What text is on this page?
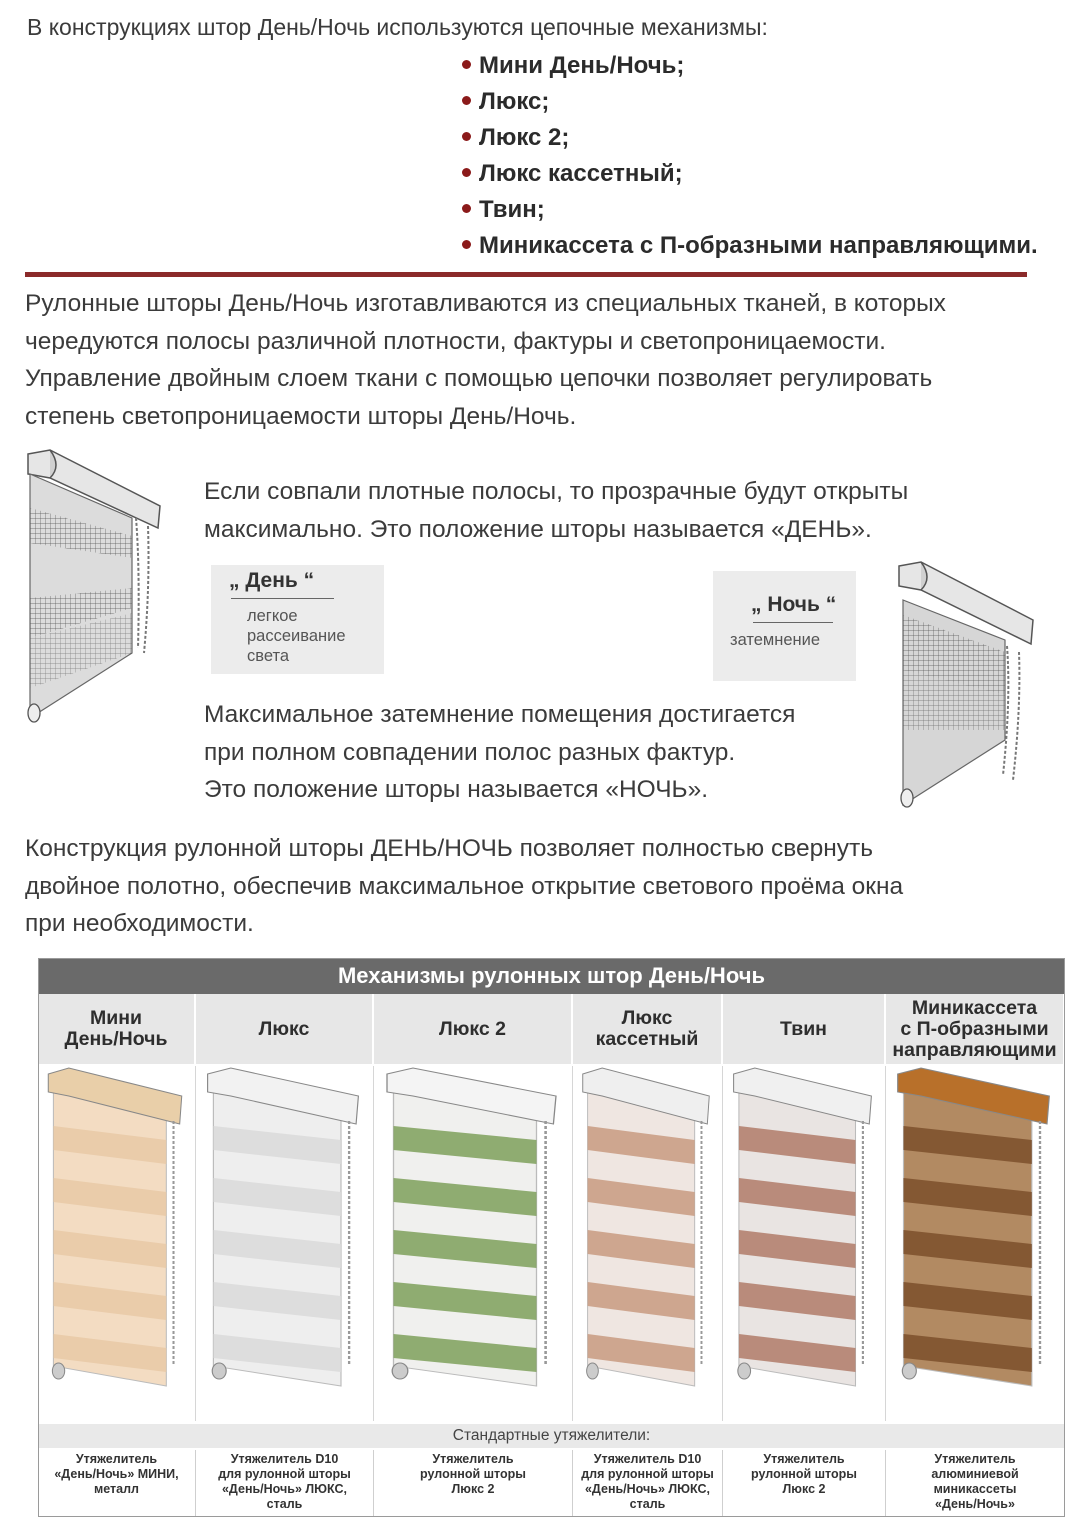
В конструкциях штор День/Ночь используются цепочные механизмы:
Мини День/Ночь;
Люкс;
Люкс 2;
Люкс кассетный;
Твин;
Миникассета с П-образными направляющими.
Рулонные шторы День/Ночь изготавливаются из специальных тканей, в которых
чередуются полосы различной плотности, фактуры и светопроницаемости.
Управление двойным слоем ткани с помощью цепочки позволяет регулировать
степень светопроницаемости шторы День/Ночь.
Если совпали плотные полосы, то прозрачные будут открыты
максимально. Это положение шторы называется «ДЕНЬ».
„ День “
легкое
рассеивание
света
„ Ночь “
затемнение
Максимальное затемнение помещения достигается
при полном совпадении полос разных фактур.
Это положение шторы называется «НОЧЬ».
Конструкция рулонной шторы ДЕНЬ/НОЧЬ позволяет полностью свернуть
двойное полотно, обеспечив максимальное открытие светового проёма окна
при необходимости.
Механизмы рулонных штор День/Ночь
Мини
День/Ночь
Утяжелитель
«День/Ночь» МИНИ,
металл
Люкс
Утяжелитель D10
для рулонной шторы
«День/Ночь» ЛЮКС,
сталь
Люкс 2
Утяжелитель
рулонной шторы
Люкс 2
Люкс
кассетный
Утяжелитель D10
для рулонной шторы
«День/Ночь» ЛЮКС,
сталь
Твин
Утяжелитель
рулонной шторы
Люкс 2
Миникассета
с П-образными
направляющими
Утяжелитель
алюминиевой
миникассеты
«День/Ночь»
Стандартные утяжелители:
